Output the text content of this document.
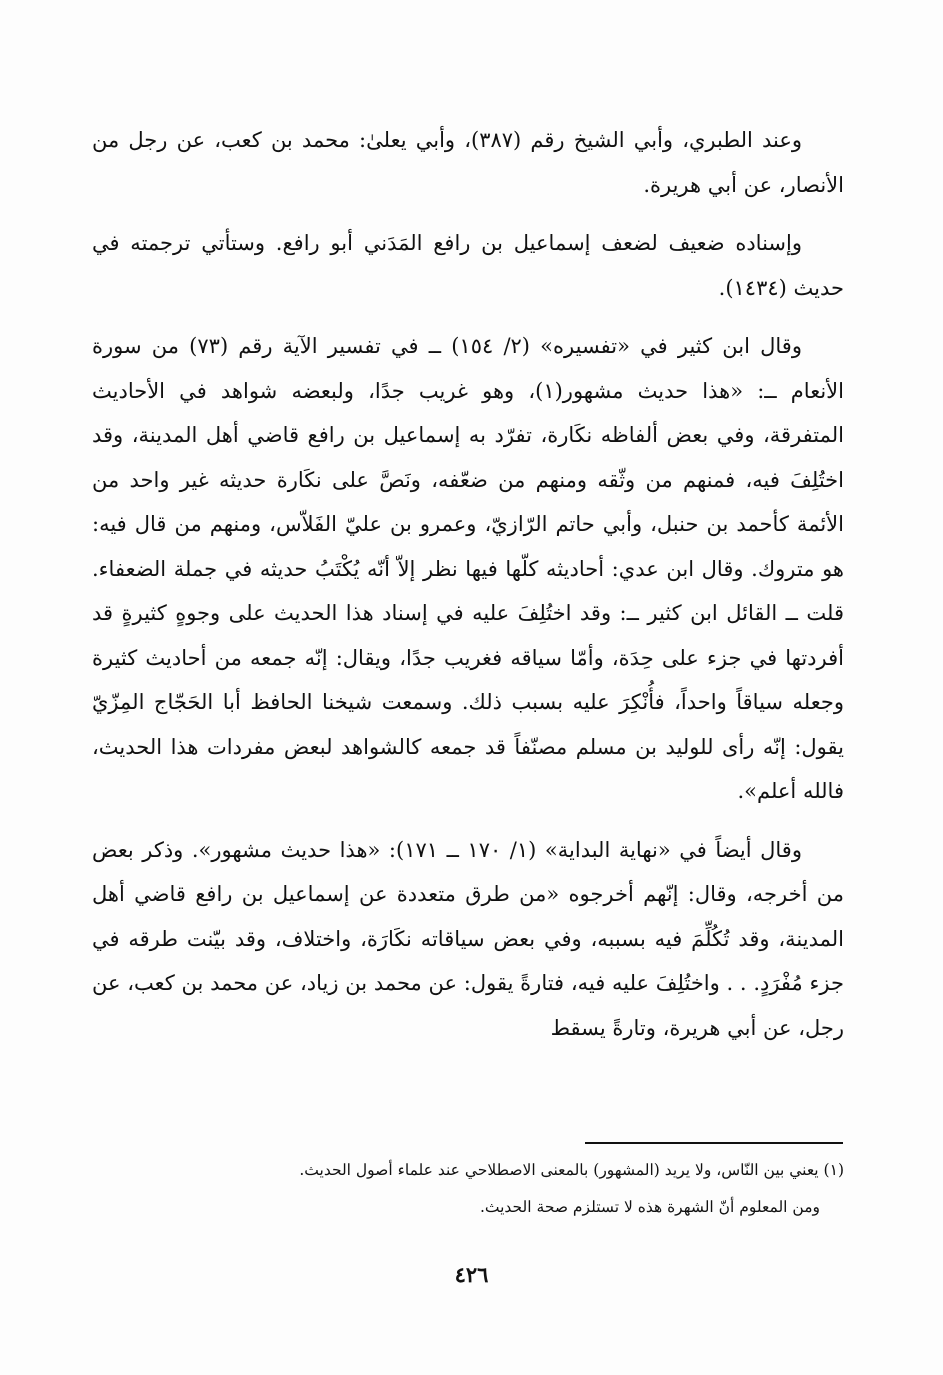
وعند الطبري، وأبي الشيخ رقم (٣٨٧)، وأبي يعلىٰ: محمد بن كعب، عن رجل من الأنصار، عن أبي هريرة.

وإسناده ضعيف لضعف إسماعيل بن رافع المَدَني أبو رافع. وستأتي ترجمته في حديث (١٤٣٤).

وقال ابن كثير في «تفسيره» (٢/ ١٥٤) ــ في تفسير الآية رقم (٧٣) من سورة الأنعام ــ: «هذا حديث مشهور(١)، وهو غريب جدًا، ولبعضه شواهد في الأحاديث المتفرقة، وفي بعض ألفاظه نكَارة، تفرّد به إسماعيل بن رافع قاضي أهل المدينة، وقد اختُلِفَ فيه، فمنهم من وثّقه ومنهم من ضعّفه، ونَصَّ على نكَارة حديثه غير واحد من الأئمة كأحمد بن حنبل، وأبي حاتم الرّازيّ، وعمرو بن عليّ الفَلاّس، ومنهم من قال فيه: هو متروك. وقال ابن عدي: أحاديثه كلّها فيها نظر إلاّ أنّه يُكْتَبُ حديثه في جملة الضعفاء. قلت ــ القائل ابن كثير ــ: وقد اختُلِفَ عليه في إسناد هذا الحديث على وجوهٍ كثيرةٍ قد أفردتها في جزء على حِدَة، وأمّا سياقه فغريب جدًا، ويقال: إنّه جمعه من أحاديث كثيرة وجعله سياقاً واحداً، فأُنْكِرَ عليه بسبب ذلك. وسمعت شيخنا الحافظ أبا الحَجّاج المِزّيّ يقول: إنّه رأى للوليد بن مسلم مصنّفاً قد جمعه كالشواهد لبعض مفردات هذا الحديث، فالله أعلم».

وقال أيضاً في «نهاية البداية» (١/ ١٧٠ ــ ١٧١): «هذا حديث مشهور». وذكر بعض من أخرجه، وقال: إنّهم أخرجوه «من طرق متعددة عن إسماعيل بن رافع قاضي أهل المدينة، وقد تُكُلِّمَ فيه بسببه، وفي بعض سياقاته نكَارَة، واختلاف، وقد بيّنت طرقه في جزء مُفْرَدٍ. . . واختُلِفَ عليه فيه، فتارةً يقول: عن محمد بن زياد، عن محمد بن كعب، عن رجل، عن أبي هريرة، وتارةً يسقط

(١) يعني بين النّاس، ولا يريد (المشهور) بالمعنى الاصطلاحي عند علماء أصول الحديث.

ومن المعلوم أنّ الشهرة هذه لا تستلزم صحة الحديث.

٤٢٦
